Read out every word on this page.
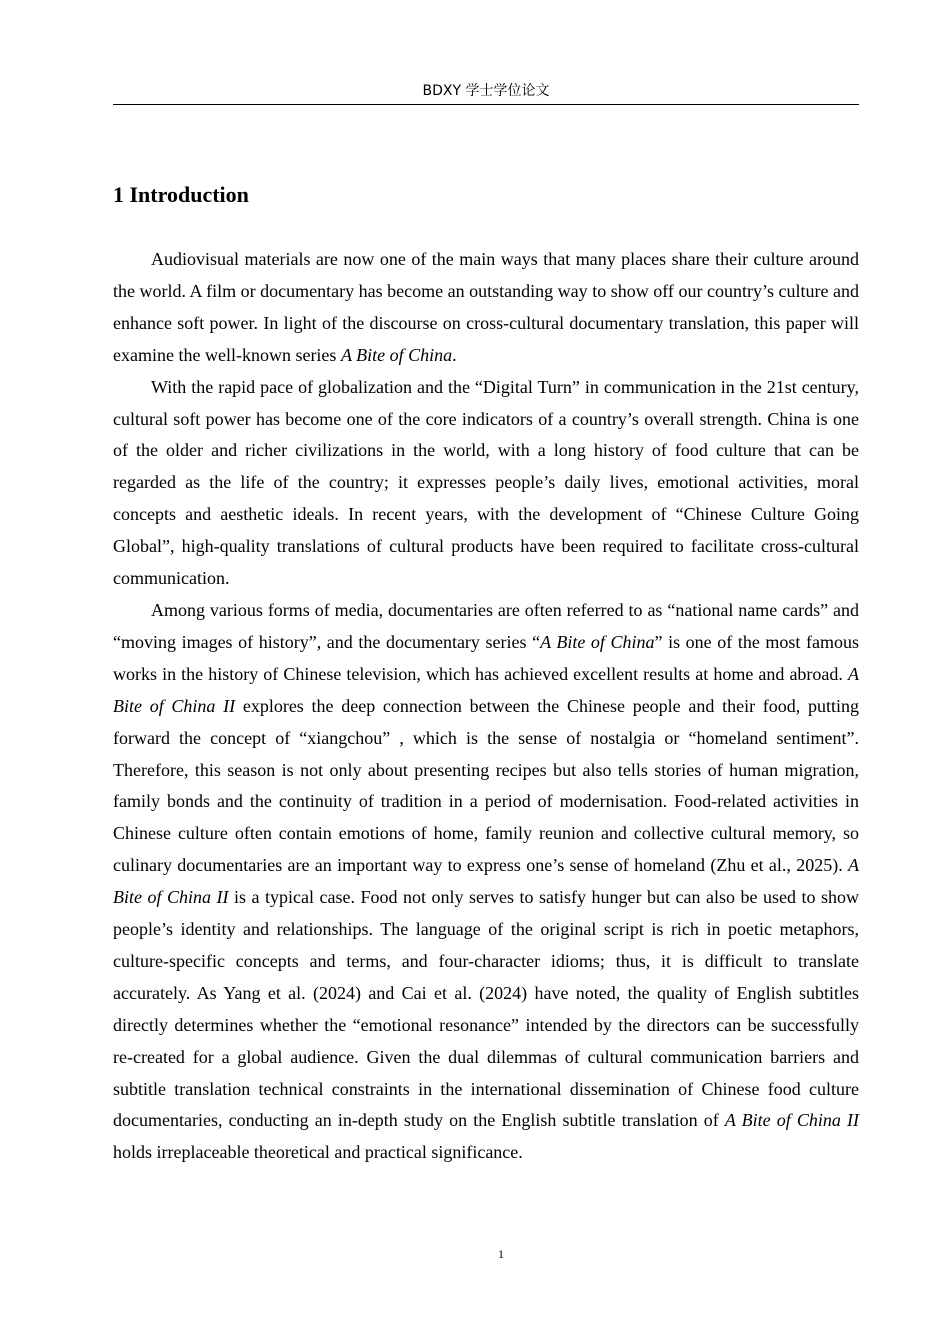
BDXY 学士学位论文
1 Introduction

Audiovisual materials are now one of the main ways that many places share their culture around the world. A film or documentary has become an outstanding way to show off our country’s culture and enhance soft power. In light of the discourse on cross-cultural documentary translation, this paper will examine the well-known series A Bite of China.

With the rapid pace of globalization and the “Digital Turn” in communication in the 21st century, cultural soft power has become one of the core indicators of a country’s overall strength. China is one of the older and richer civilizations in the world, with a long history of food culture that can be regarded as the life of the country; it expresses people’s daily lives, emotional activities, moral concepts and aesthetic ideals. In recent years, with the development of “Chinese Culture Going Global”, high-quality translations of cultural products have been required to facilitate cross-cultural communication.

Among various forms of media, documentaries are often referred to as “national name cards” and “moving images of history”, and the documentary series “A Bite of China” is one of the most famous works in the history of Chinese television, which has achieved excellent results at home and abroad. A Bite of China II explores the deep connection between the Chinese people and their food, putting forward the concept of “xiangchou” , which is the sense of nostalgia or “homeland sentiment”. Therefore, this season is not only about presenting recipes but also tells stories of human migration, family bonds and the continuity of tradition in a period of modernisation. Food-related activities in Chinese culture often contain emotions of home, family reunion and collective cultural memory, so culinary documentaries are an important way to express one’s sense of homeland (Zhu et al., 2025). A Bite of China II is a typical case. Food not only serves to satisfy hunger but can also be used to show people’s identity and relationships. The language of the original script is rich in poetic metaphors, culture-specific concepts and terms, and four-character idioms; thus, it is difficult to translate accurately. As Yang et al. (2024) and Cai et al. (2024) have noted, the quality of English subtitles directly determines whether the “emotional resonance” intended by the directors can be successfully re-created for a global audience. Given the dual dilemmas of cultural communication barriers and subtitle translation technical constraints in the international dissemination of Chinese food culture documentaries, conducting an in-depth study on the English subtitle translation of A Bite of China II holds irreplaceable theoretical and practical significance.

1
